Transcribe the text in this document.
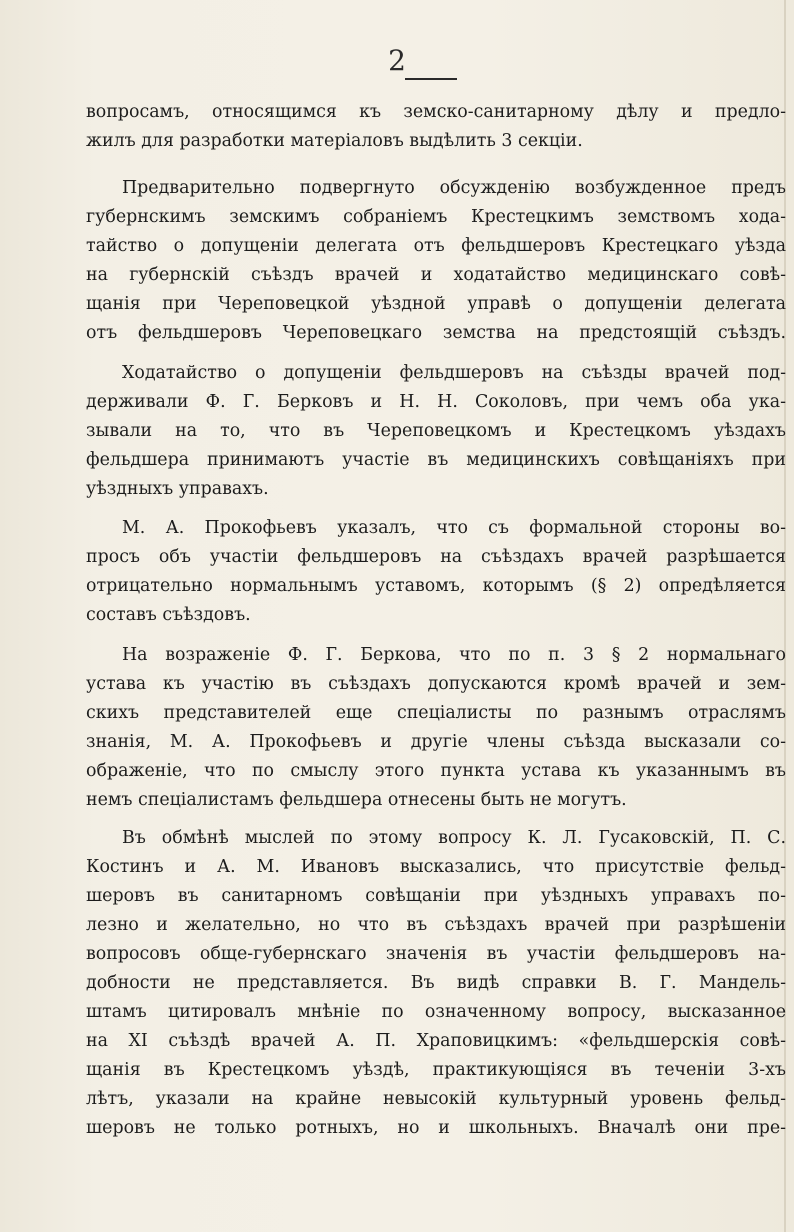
2
вопросамъ, относящимся къ земско-санитарному дѣлу и предло-
жилъ для разработки матеріаловъ выдѣлить 3 секціи.
Предварительно подвергнуто обсужденію возбужденное предъ
губернскимъ земскимъ собраніемъ Крестецкимъ земствомъ хода-
тайство о допущеніи делегата отъ фельдшеровъ Крестецкаго уѣзда
на губернскій съѣздъ врачей и ходатайство медицинскаго совѣ-
щанія при Череповецкой уѣздной управѣ о допущеніи делегата
отъ фельдшеровъ Череповецкаго земства на предстоящій съѣздъ.
Ходатайство о допущеніи фельдшеровъ на съѣзды врачей под-
держивали Ф. Г. Берковъ и Н. Н. Соколовъ, при чемъ оба ука-
зывали на то, что въ Череповецкомъ и Крестецкомъ уѣздахъ
фельдшера принимаютъ участіе въ медицинскихъ совѣщаніяхъ при
уѣздныхъ управахъ.
М. А. Прокофьевъ указалъ, что съ формальной стороны во-
просъ объ участіи фельдшеровъ на съѣздахъ врачей разрѣшается
отрицательно нормальнымъ уставомъ, которымъ (§ 2) опредѣляется
составъ съѣздовъ.
На возраженіе Ф. Г. Беркова, что по п. 3 § 2 нормальнаго
устава къ участію въ съѣздахъ допускаются кромѣ врачей и зем-
скихъ представителей еще спеціалисты по разнымъ отраслямъ
знанія, М. А. Прокофьевъ и другіе члены съѣзда высказали со-
ображеніе, что по смыслу этого пункта устава къ указаннымъ въ
немъ спеціалистамъ фельдшера отнесены быть не могутъ.
Въ обмѣнѣ мыслей по этому вопросу К. Л. Гусаковскій, П. С.
Костинъ и А. М. Ивановъ высказались, что присутствіе фельд-
шеровъ въ санитарномъ совѣщаніи при уѣздныхъ управахъ по-
лезно и желательно, но что въ съѣздахъ врачей при разрѣшеніи
вопросовъ обще-губернскаго значенія въ участіи фельдшеровъ на-
добности не представляется. Въ видѣ справки В. Г. Мандель-
штамъ цитировалъ мнѣніе по означенному вопросу, высказанное
на XI съѣздѣ врачей А. П. Храповицкимъ: «фельдшерскія совѣ-
щанія въ Крестецкомъ уѣздѣ, практикующіяся въ теченіи 3-хъ
лѣтъ, указали на крайне невысокій культурный уровень фельд-
шеровъ не только ротныхъ, но и школьныхъ. Вначалѣ они пре-
